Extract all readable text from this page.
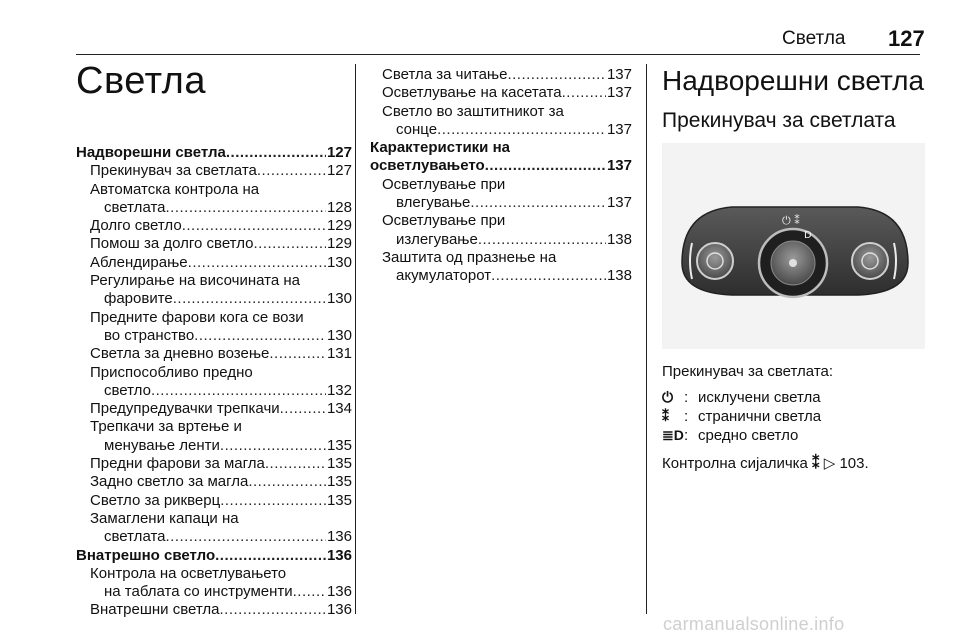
Светла 127
Светла
Надворешни светла .....	127
Прекинувач за светлата .....	127
Автоматска контрола на
светлата .....	128
Долго светло .....	129
Помош за долго светло .....	129
Аблендирање .....	130
Регулирање на височината на
фаровите .....	130
Предните фарови кога се вози
во странство .....	130
Светла за дневно возење .....	131
Приспособливо предно
светло .....	132
Предупредувачки трепкачи .....	134
Трепкачи за вртење и
менување ленти .....	135
Предни фарови за магла .....	135
Задно светло за магла .....	135
Светло за рикверц .....	135
Замаглени капаци на
светлата .....	136
Внатрешно светло .....	136
Контрола на осветлувањето
на таблата со инструменти ..... 136
Внатрешни светла .....	136
Светла за читање .....	137
Осветлување на касетата .....	137
Светло во заштитникот за
сонце .....	137
Карактеристики на
осветлувањето .....	137
Осветлување при
влегување .....	137
Осветлување при
излегување .....	138
Заштита од празнење на
акумулаторот .....	138
Надворешни светла
Прекинувач за светлата
⏻ ⁑
D
Прекинувач за светлата:
⏻ : исклучени светла
⁑	: странични светла
≣D : средно светло
Контролна сијаличка ⁑ ▷ 103.
carmanualsonline.info
